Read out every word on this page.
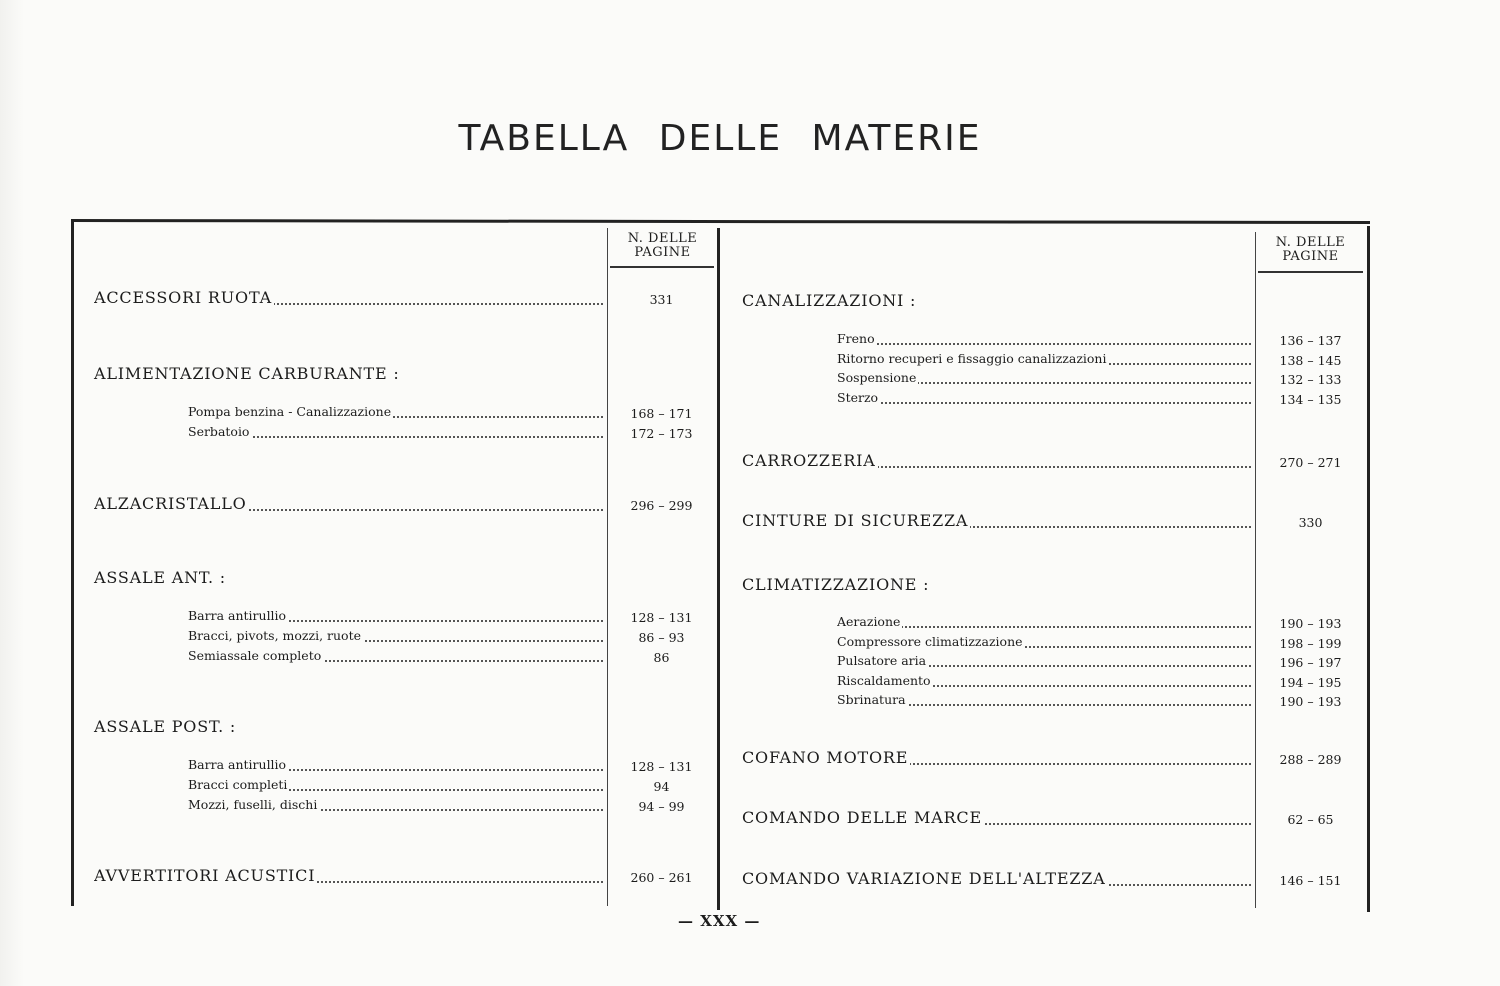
TABELLA DELLE MATERIE
N. DELLE
PAGINE
N. DELLE
PAGINE
ACCESSORI RUOTA	331
ALIMENTAZIONE CARBURANTE :
Pompa benzina - Canalizzazione	168 – 171
Serbatoio	172 – 173
ALZACRISTALLO	296 – 299
ASSALE ANT. :
Barra antirullio	128 – 131
Bracci, pivots, mozzi, ruote	86 – 93
Semiassale completo	86
ASSALE POST. :
Barra antirullio	128 – 131
Bracci completi	94
Mozzi, fuselli, dischi	94 – 99
AVVERTITORI ACUSTICI	260 – 261
CANALIZZAZIONI :
Freno	136 – 137
Ritorno recuperi e fissaggio canalizzazioni	138 – 145
Sospensione	132 – 133
Sterzo	134 – 135
CARROZZERIA	270 – 271
CINTURE DI SICUREZZA	330
CLIMATIZZAZIONE :
Aerazione	190 – 193
Compressore climatizzazione	198 – 199
Pulsatore aria	196 – 197
Riscaldamento	194 – 195
Sbrinatura	190 – 193
COFANO MOTORE	288 – 289
COMANDO DELLE MARCE	62 – 65
COMANDO VARIAZIONE DELL'ALTEZZA	146 – 151
— XXX —
